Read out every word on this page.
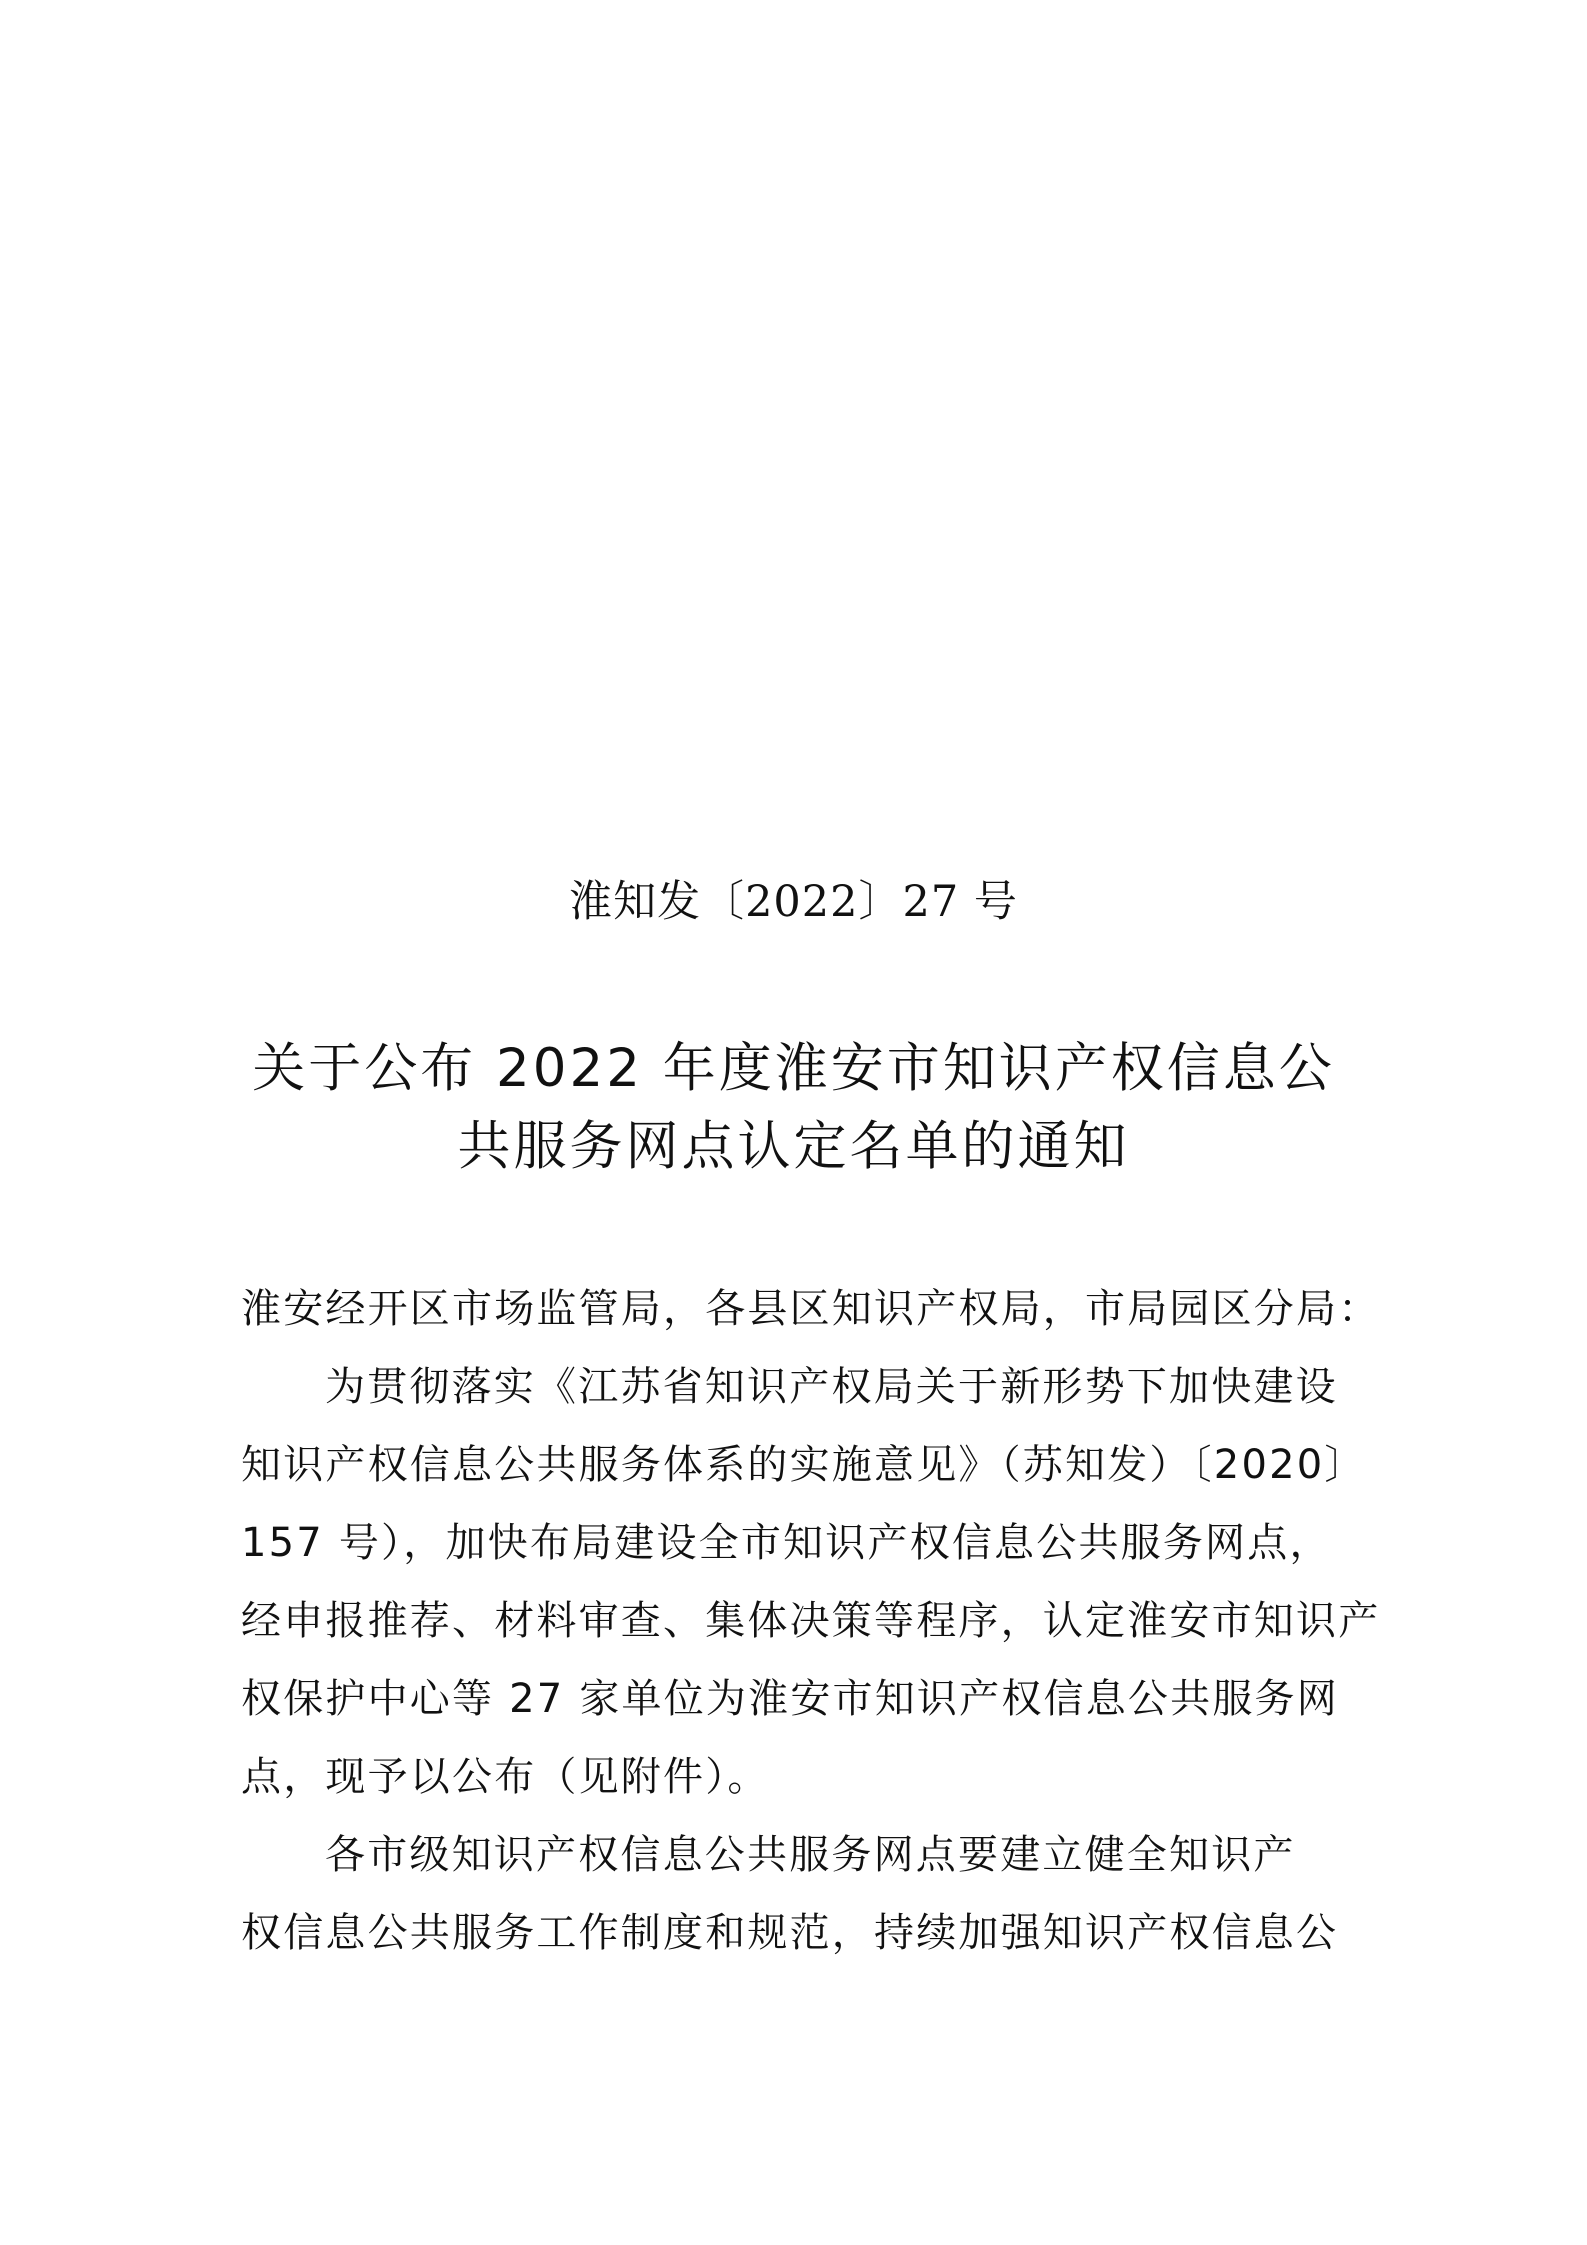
淮知发〔2022〕27 号
关于公布 2022 年度淮安市知识产权信息公
共服务网点认定名单的通知
淮安经开区市场监管局，各县区知识产权局，市局园区分局：
为贯彻落实《江苏省知识产权局关于新形势下加快建设
知识产权信息公共服务体系的实施意见》（苏知发）〔2020〕
157 号），加快布局建设全市知识产权信息公共服务网点，
经申报推荐、材料审查、集体决策等程序，认定淮安市知识产
权保护中心等 27 家单位为淮安市知识产权信息公共服务网
点，现予以公布（见附件）。
各市级知识产权信息公共服务网点要建立健全知识产
权信息公共服务工作制度和规范，持续加强知识产权信息公
